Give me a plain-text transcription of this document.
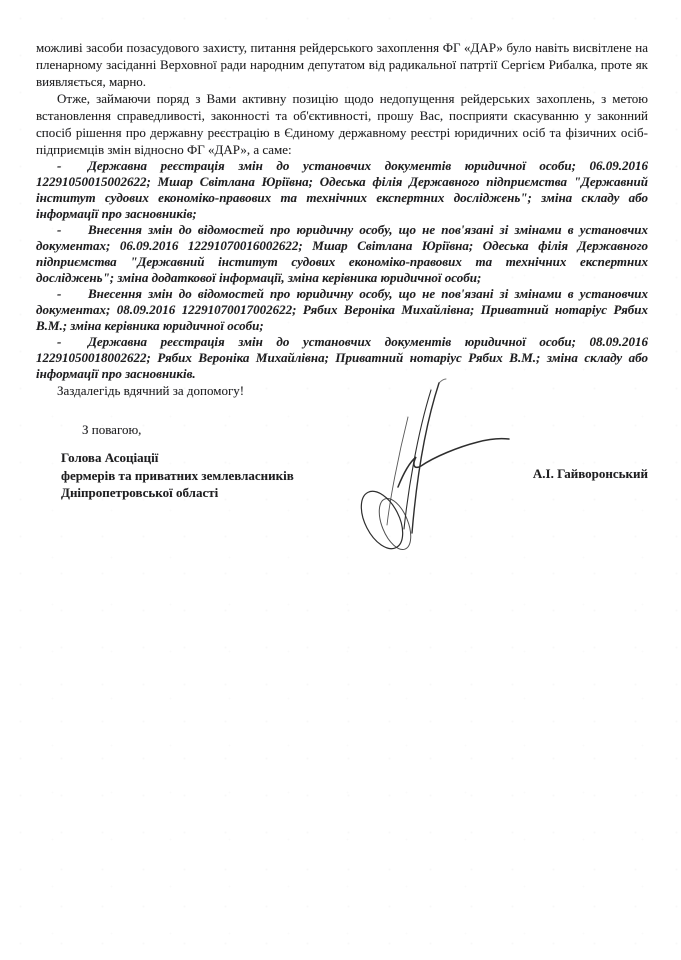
можливі засоби позасудового захисту, питання рейдерського захоплення ФГ «ДАР» було навіть висвітлене на пленарному засіданні Верховної ради народним депутатом від радикальної патртії Сергієм Рибалка, проте як виявляється, марно.

Отже, займаючи поряд з Вами активну позицію щодо недопущення рейдерських захоплень, з метою встановлення справедливості, законності та об'єктивності, прошу Вас, посприяти скасуванню у законний спосіб рішення про державну реєстрацію в Єдиному державному реєстрі юридичних осіб та фізичних осіб-підприємців змін відносно ФГ «ДАР», а саме:

- Державна реєстрація змін до установчих документів юридичної особи; 06.09.2016 12291050015002622; Мшар Світлана Юріївна; Одеська філія Державного підприємства "Державний інститут судових економіко-правових та технічних експертних досліджень"; зміна складу або інформації про засновників;

- Внесення змін до відомостей про юридичну особу, що не пов'язані зі змінами в установчих документах; 06.09.2016 12291070016002622; Мшар Світлана Юріївна; Одеська філія Державного підприємства "Державний інститут судових економіко-правових та технічних експертних досліджень"; зміна додаткової інформації, зміна керівника юридичної особи;

- Внесення змін до відомостей про юридичну особу, що не пов'язані зі змінами в установчих документах; 08.09.2016 12291070017002622; Рябих Вероніка Михайлівна; Приватний нотаріус Рябих В.М.; зміна керівника юридичної особи;

- Державна реєстрація змін до установчих документів юридичної особи; 08.09.2016 12291050018002622; Рябих Вероніка Михайлівна; Приватний нотаріус Рябих В.М.; зміна складу або інформації про засновників.

Заздалегідь вдячний за допомогу!

З повагою,

Голова Асоціації
фермерів та приватних землевласників
Дніпропетровської області

А.І. Гайворонський
